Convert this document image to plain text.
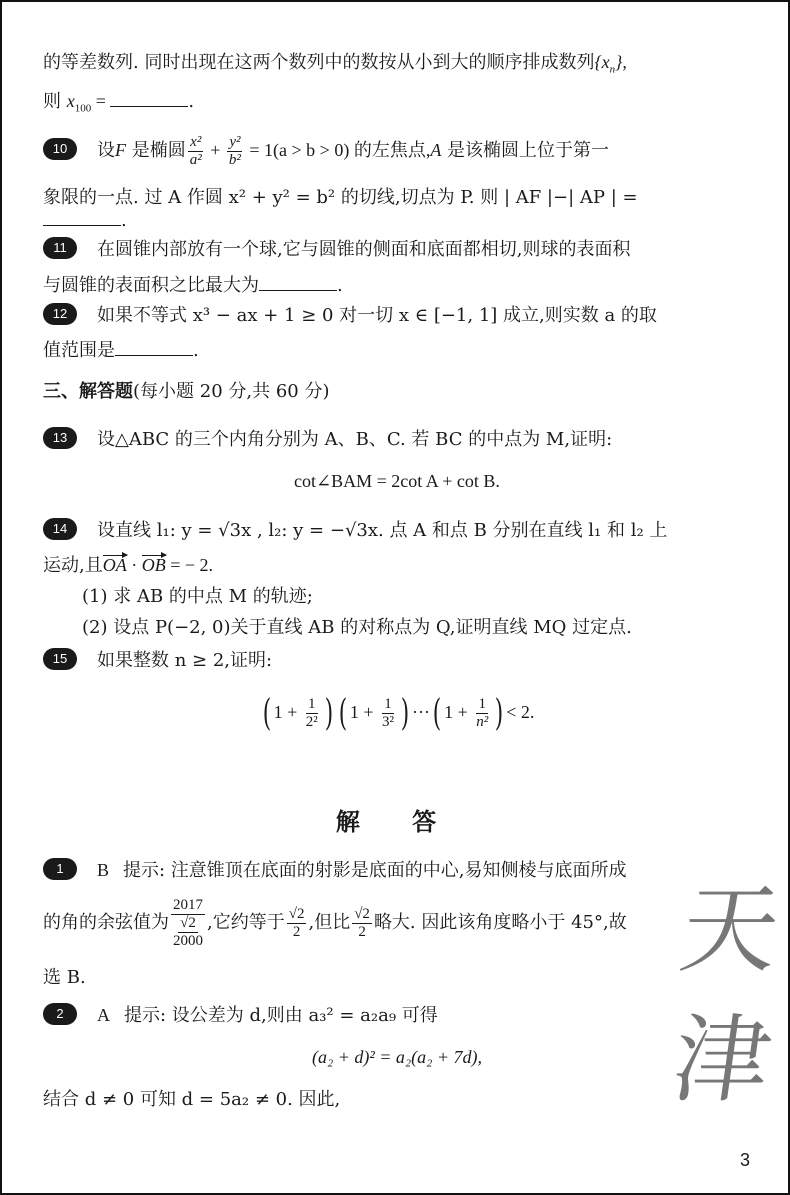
的等差数列. 同时出现在这两个数列中的数按从小到大的顺序排成数列$\{x_n\}$,
则 $x_{100}$ =	.
10 设F 是椭圆 $\frac{\text{x²}}{\text{a²}} + \frac{\text{y²}}{\text{b²}} = 1(a > b > 0)$ 的左焦点,A 是该椭圆上位于第一
象限的一点. 过 A 作圆 x² + y² = b² 的切线,切点为 P. 则 | AF |−| AP | =
.
11 在圆锥内部放有一个球,它与圆锥的侧面和底面都相切,则球的表面积
与圆锥的表面积之比最大为	.
12 如果不等式 x³ − ax + 1 ≥ 0 对一切 x ∈ [−1, 1] 成立,则实数 a 的取
值范围是	.
三、解答题(每小题 20 分,共 60 分)
13 设△ABC 的三个内角分别为 A、B、C. 若 BC 的中点为 M,证明:
cot∠BAM = 2cot A + cot B.
14 设直线 l₁: y = √3x , l₂: y = −√3x. 点 A 和点 B 分别在直线 l₁ 和 l₂ 上
运动,且OA · OB = − 2.
(1) 求 AB 的中点 M 的轨迹;
(2) 设点 P(−2, 0)关于直线 AB 的对称点为 Q,证明直线 MQ 过定点.
15 如果整数 n ≥ 2,证明:
( $1 + \frac{1}{\text{2²}}$ ) ( $1 + \frac{1}{\text{3²}}$ ) ···( $1 + \frac{1}{\text{n²}}$ ) < 2.
解 答
1 B 提示: 注意锥顶在底面的射影是底面的中心,易知侧棱与底面所成
的角的余弦值为
2017
√2
2000
,它约等于 $\frac{√2}{2}$ ,但比 $\frac{√2}{2}$ 略大. 因此该角度略小于 45°,故
选 B.
2 A 提示: 设公差为 d,则由 a₃² = a₂a₉ 可得
(a₂ + d)² = a₂(a₂ + 7d),
结合 d ≠ 0 可知 d = 5a₂ ≠ 0. 因此,
天
津
3
